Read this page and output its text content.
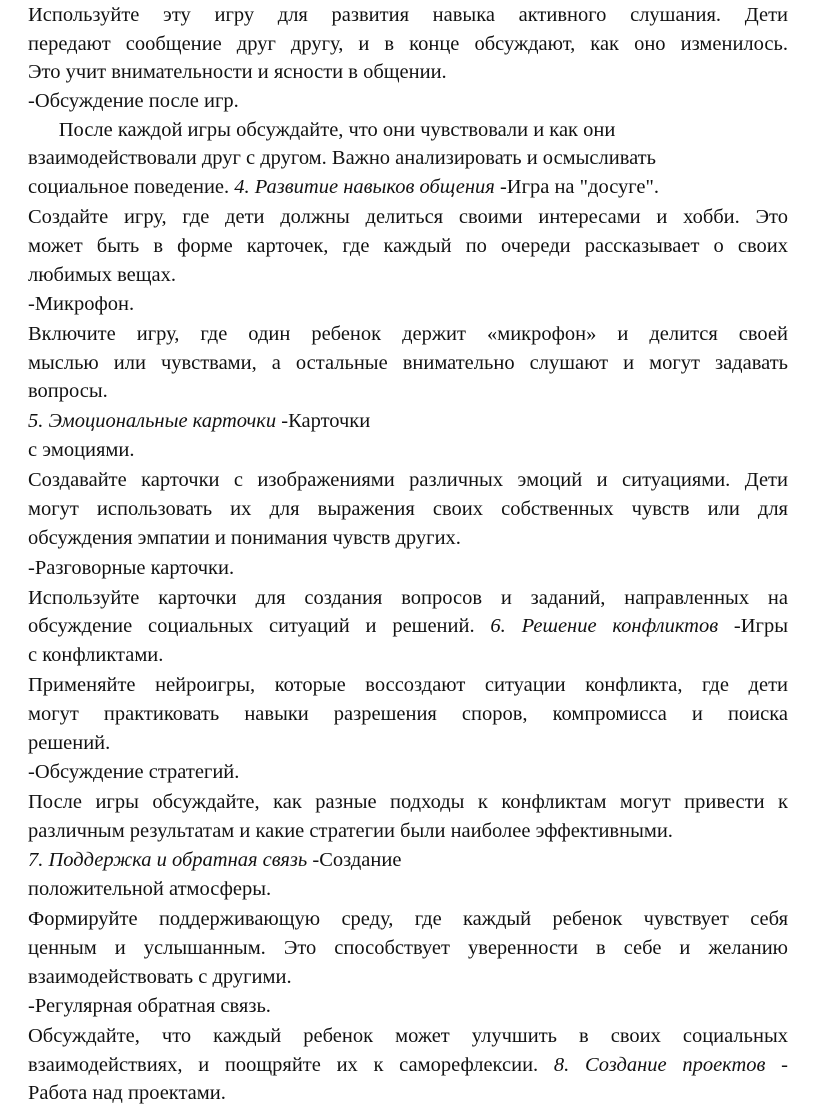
Используйте эту игру для развития навыка активного слушания. Дети
передают сообщение друг другу, и в конце обсуждают, как оно изменилось.
Это учит внимательности и ясности в общении.
-Обсуждение после игр.
После каждой игры обсуждайте, что они чувствовали и как они
взаимодействовали друг с другом. Важно анализировать и осмысливать
социальное поведение. 4. Развитие навыков общения -Игра на "досуге".
Создайте игру, где дети должны делиться своими интересами и хобби. Это
может быть в форме карточек, где каждый по очереди рассказывает о своих
любимых вещах.
-Микрофон.
Включите игру, где один ребенок держит «микрофон» и делится своей
мыслью или чувствами, а остальные внимательно слушают и могут задавать
вопросы.
5. Эмоциональные карточки -Карточки
с эмоциями.
Создавайте карточки с изображениями различных эмоций и ситуациями. Дети
могут использовать их для выражения своих собственных чувств или для
обсуждения эмпатии и понимания чувств других.
-Разговорные карточки.
Используйте карточки для создания вопросов и заданий, направленных на
обсуждение социальных ситуаций и решений. 6. Решение конфликтов -Игры
с конфликтами.
Применяйте нейроигры, которые воссоздают ситуации конфликта, где дети
могут практиковать навыки разрешения споров, компромисса и поиска
решений.
-Обсуждение стратегий.
После игры обсуждайте, как разные подходы к конфликтам могут привести к
различным результатам и какие стратегии были наиболее эффективными.
7. Поддержка и обратная связь -Создание
положительной атмосферы.
Формируйте поддерживающую среду, где каждый ребенок чувствует себя
ценным и услышанным. Это способствует уверенности в себе и желанию
взаимодействовать с другими.
-Регулярная обратная связь.
Обсуждайте, что каждый ребенок может улучшить в своих социальных
взаимодействиях, и поощряйте их к саморефлексии. 8. Создание проектов -
Работа над проектами.
